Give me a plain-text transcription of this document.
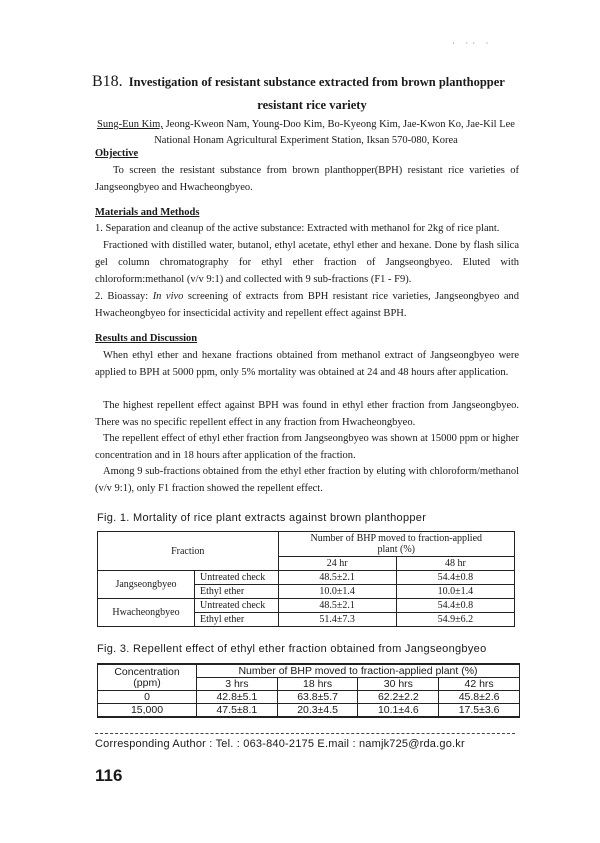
· ·· ·
B18. Investigation of resistant substance extracted from brown planthopper
resistant rice variety
Sung-Eun Kim, Jeong-Kweon Nam, Young-Doo Kim, Bo-Kyeong Kim, Jae-Kwon Ko, Jae-Kil Lee
National Honam Agricultural Experiment Station, Iksan 570-080, Korea
Objective
To screen the resistant substance from brown planthopper(BPH) resistant rice varieties of Jangseongbyeo and Hwacheongbyeo.
Materials and Methods
1. Separation and cleanup of the active substance: Extracted with methanol for 2kg of rice plant.
Fractioned with distilled water, butanol, ethyl acetate, ethyl ether and hexane. Done by flash silica gel column chromatography for ethyl ether fraction of Jangseongbyeo. Eluted with chloroform:methanol (v/v 9:1) and collected with 9 sub-fractions (F1 - F9).
2. Bioassay: In vivo screening of extracts from BPH resistant rice varieties, Jangseongbyeo and Hwacheongbyeo for insecticidal activity and repellent effect against BPH.
Results and Discussion
When ethyl ether and hexane fractions obtained from methanol extract of Jangseongbyeo were applied to BPH at 5000 ppm, only 5% mortality was obtained at 24 and 48 hours after application.
The highest repellent effect against BPH was found in ethyl ether fraction from Jangseongbyeo. There was no specific repellent effect in any fraction from Hwacheongbyeo.
The repellent effect of ethyl ether fraction from Jangseongbyeo was shown at 15000 ppm or higher concentration and in 18 hours after application of the fraction.
Among 9 sub-fractions obtained from the ethyl ether fraction by eluting with chloroform/methanol (v/v 9:1), only F1 fraction showed the repellent effect.
Fig. 1. Mortality of rice plant extracts against brown planthopper
Fraction		Number of BHP moved to fraction-applied plant (%)	
		24 hr	48 hr
Jangseongbyeo	Untreated check	48.5±2.1	54.4±0.8
	Ethyl ether	10.0±1.4	10.0±1.4
Hwacheongbyeo	Untreated check	48.5±2.1	54.4±0.8
	Ethyl ether	51.4±7.3	54.9±6.2
Fig. 3. Repellent effect of ethyl ether fraction obtained from Jangseongbyeo
Concentration (ppm)	Number of BHP moved to fraction-applied plant (%)			
	3 hrs	18 hrs	30 hrs	42 hrs
0	42.8±5.1	63.8±5.7	62.2±2.2	45.8±2.6
15,000	47.5±8.1	20.3±4.5	10.1±4.6	17.5±3.6
Corresponding Author : Tel. : 063-840-2175 E.mail : namjk725@rda.go.kr
116
